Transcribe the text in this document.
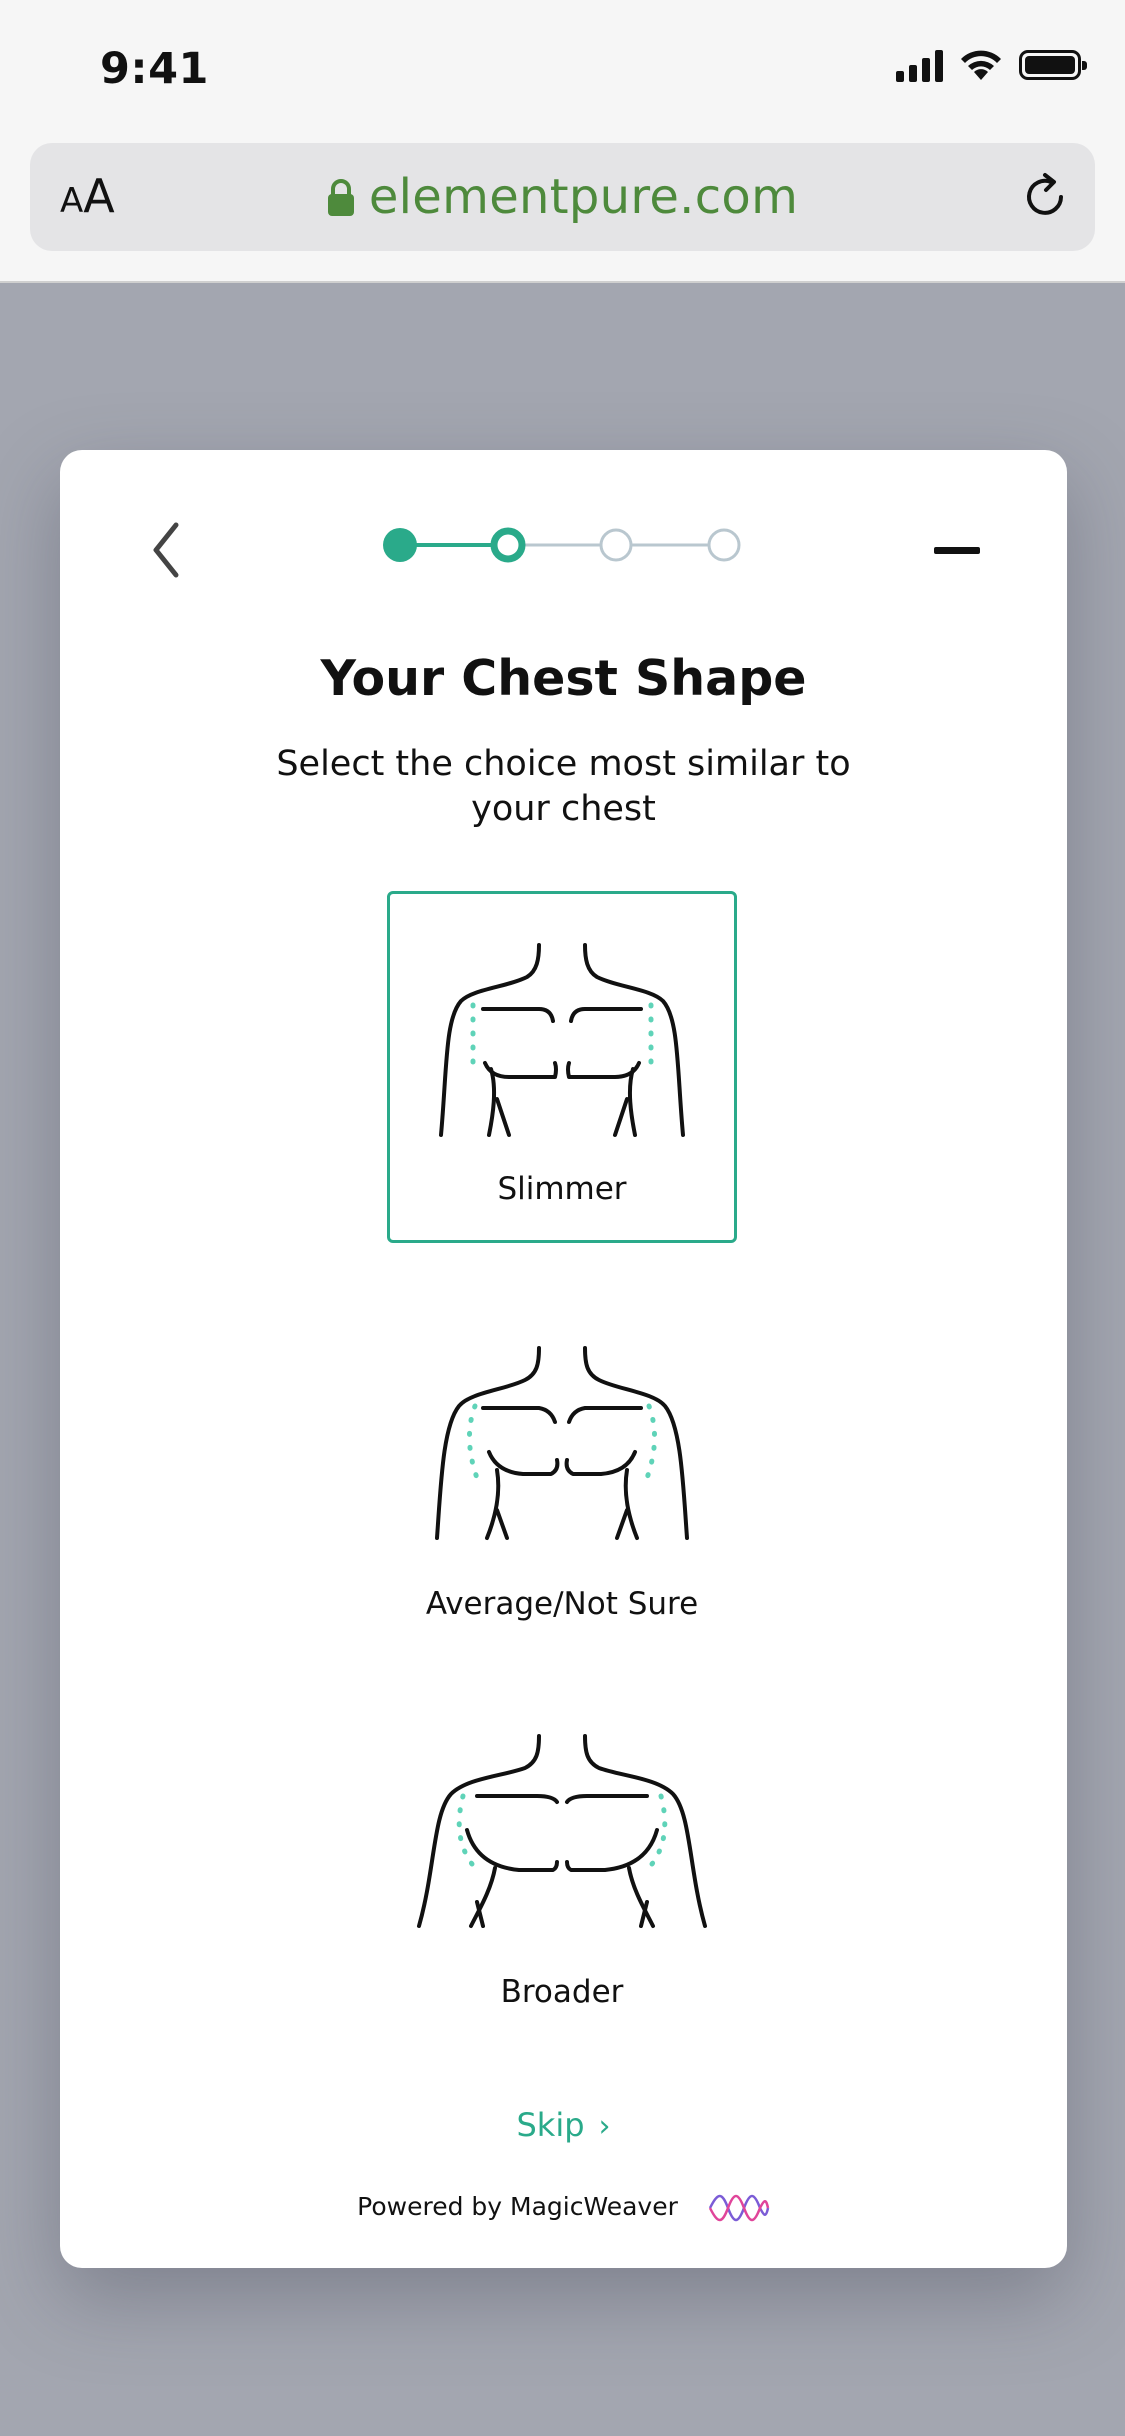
9:41
AA	elementpure.com
Your Chest Shape
Select the choice most similar to your chest
Slimmer
Average/Not Sure
Broader
Skip ›
Powered by MagicWeaver
